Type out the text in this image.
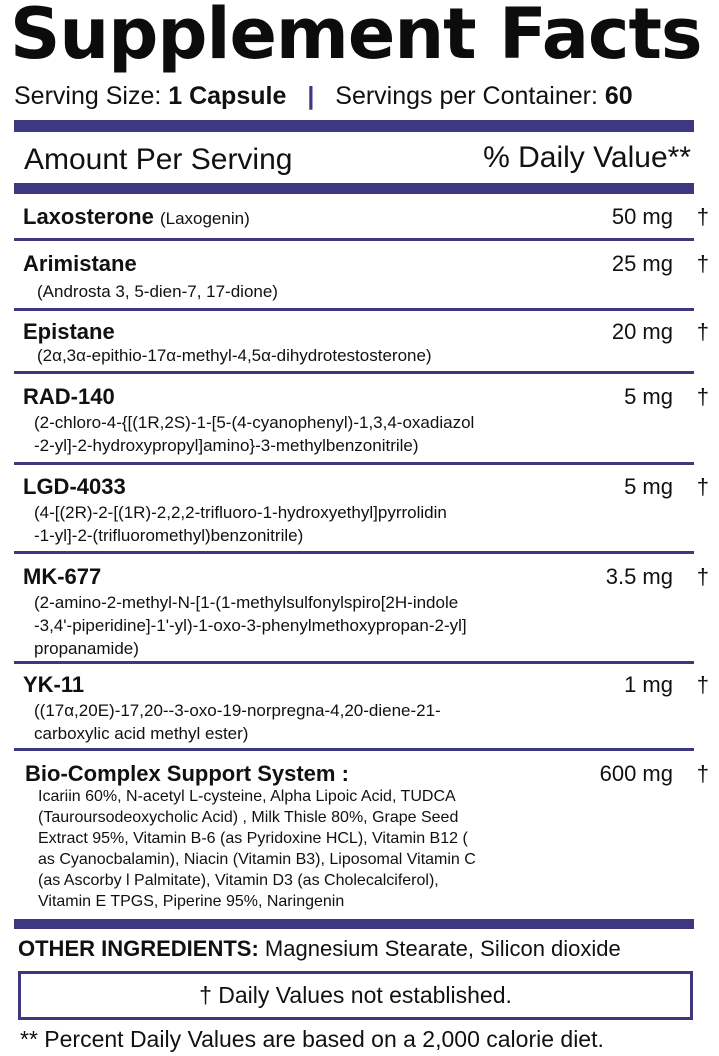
Supplement Facts
Serving Size: 1 Capsule | Servings per Container: 60
Amount Per Serving	% Daily Value**
Laxosterone (Laxogenin)	50 mg †
Arimistane
(Androsta 3, 5-dien-7, 17-dione)
25 mg †
Epistane
(2α,3α-epithio-17α-methyl-4,5α-dihydrotestosterone)
20 mg †
RAD-140
(2-chloro-4-{[(1R,2S)-1-[5-(4-cyanophenyl)-1,3,4-oxadiazol
-2-yl]-2-hydroxypropyl]amino}-3-methylbenzonitrile)
5 mg †
LGD-4033
(4-[(2R)-2-[(1R)-2,2,2-trifluoro-1-hydroxyethyl]pyrrolidin
-1-yl]-2-(trifluoromethyl)benzonitrile)
5 mg †
MK-677
(2-amino-2-methyl-N-[1-(1-methylsulfonylspiro[2H-indole
-3,4'-piperidine]-1'-yl)-1-oxo-3-phenylmethoxypropan-2-yl]
propanamide)
3.5 mg †
YK-11
((17α,20E)-17,20--3-oxo-19-norpregna-4,20-diene-21-
carboxylic acid methyl ester)
1 mg †
Bio-Complex Support System :
Icariin 60%, N-acetyl L-cysteine, Alpha Lipoic Acid, TUDCA
(Tauroursodeoxycholic Acid) , Milk Thisle 80%, Grape Seed
Extract 95%, Vitamin B-6 (as Pyridoxine HCL), Vitamin B12 (
as Cyanocbalamin), Niacin (Vitamin B3), Liposomal Vitamin C
(as Ascorby l Palmitate), Vitamin D3 (as Cholecalciferol),
Vitamin E TPGS, Piperine 95%, Naringenin
600 mg †
OTHER INGREDIENTS: Magnesium Stearate, Silicon dioxide
† Daily Values not established.
** Percent Daily Values are based on a 2,000 calorie diet.
